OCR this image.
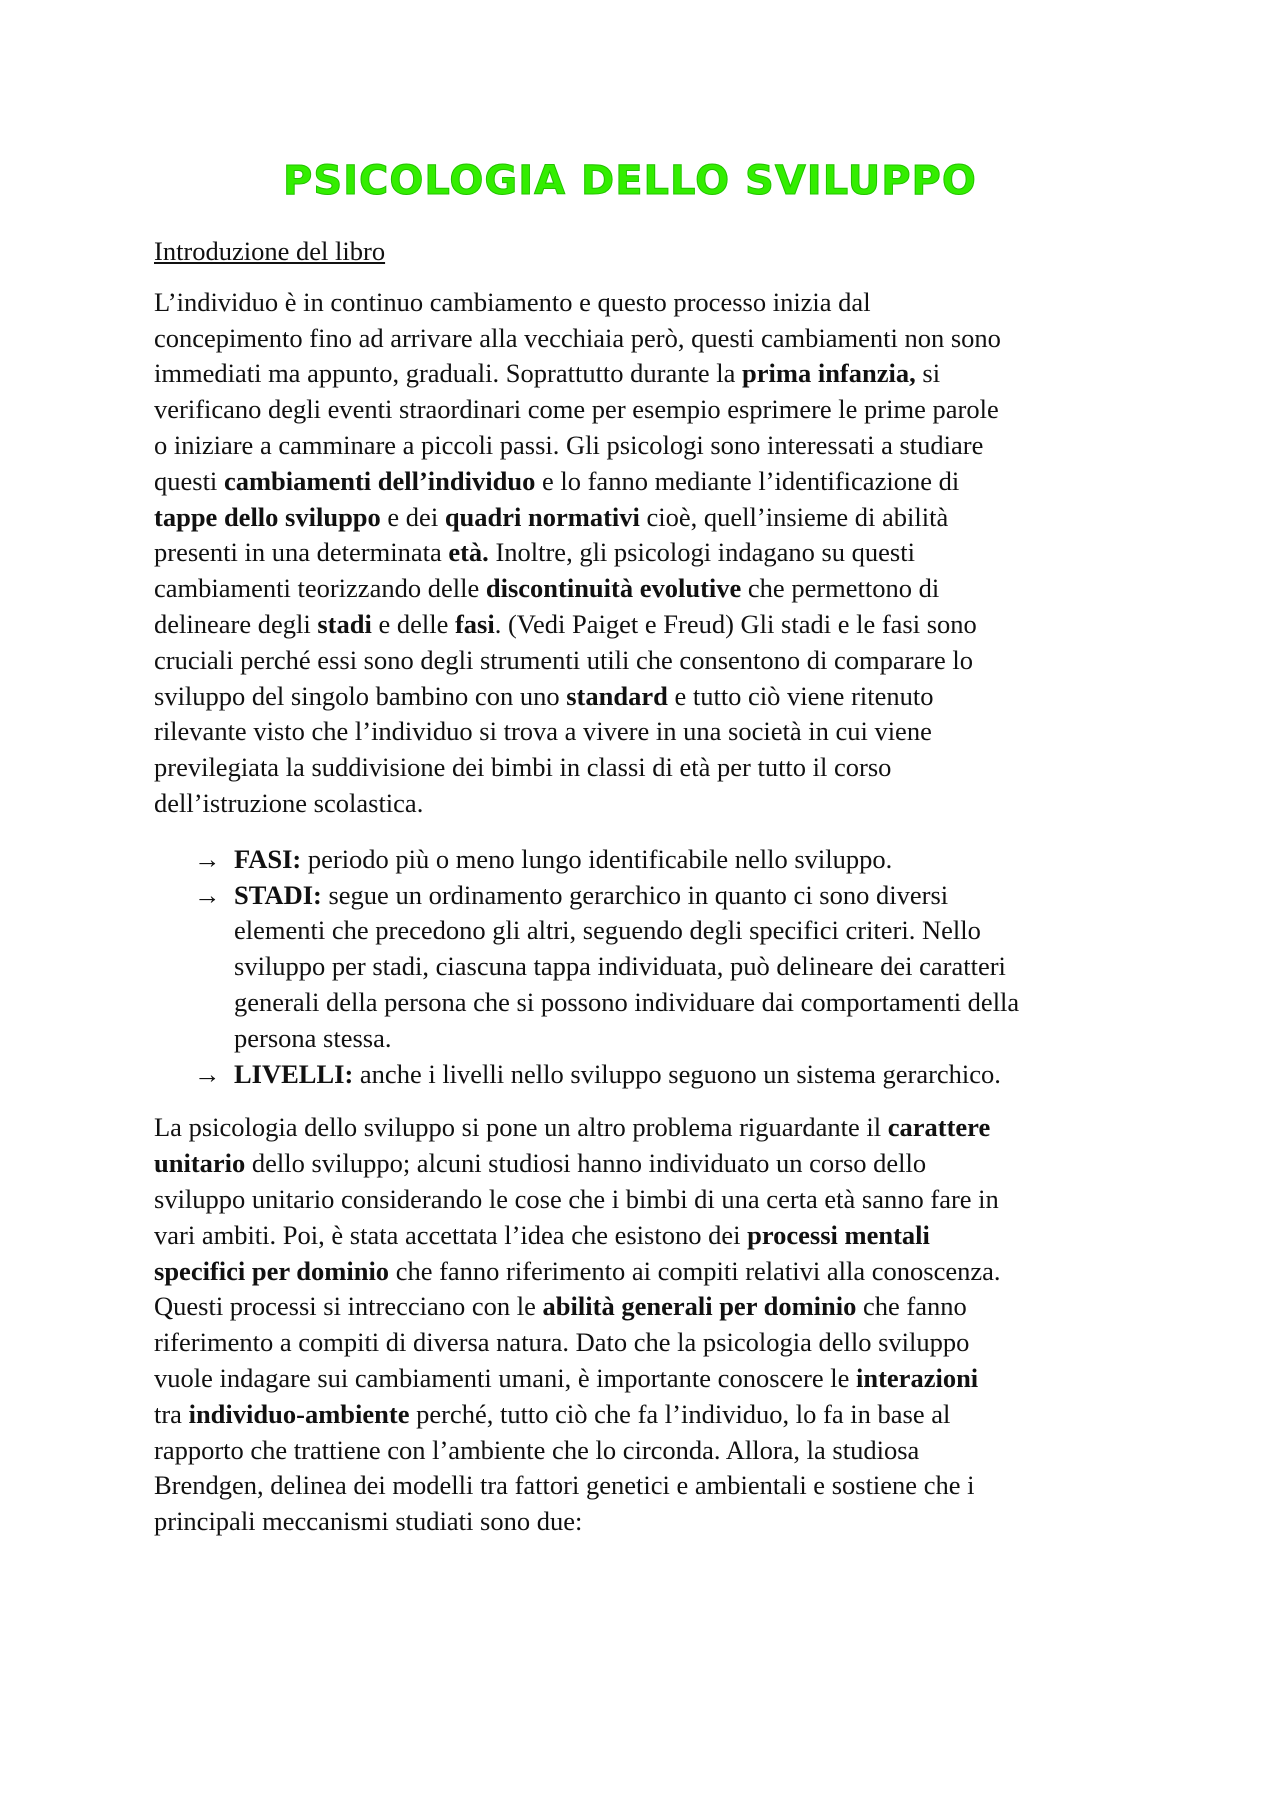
PSICOLOGIA DELLO SVILUPPO

Introduzione del libro

L’individuo è in continuo cambiamento e questo processo inizia dal
concepimento fino ad arrivare alla vecchiaia però, questi cambiamenti non sono
immediati ma appunto, graduali. Soprattutto durante la prima infanzia, si
verificano degli eventi straordinari come per esempio esprimere le prime parole
o iniziare a camminare a piccoli passi. Gli psicologi sono interessati a studiare
questi cambiamenti dell’individuo e lo fanno mediante l’identificazione di
tappe dello sviluppo e dei quadri normativi cioè, quell’insieme di abilità
presenti in una determinata età. Inoltre, gli psicologi indagano su questi
cambiamenti teorizzando delle discontinuità evolutive che permettono di
delineare degli stadi e delle fasi. (Vedi Paiget e Freud) Gli stadi e le fasi sono
cruciali perché essi sono degli strumenti utili che consentono di comparare lo
sviluppo del singolo bambino con uno standard e tutto ciò viene ritenuto
rilevante visto che l’individuo si trova a vivere in una società in cui viene
previlegiata la suddivisione dei bimbi in classi di età per tutto il corso
dell’istruzione scolastica.
→ FASI: periodo più o meno lungo identificabile nello sviluppo.
→ STADI: segue un ordinamento gerarchico in quanto ci sono diversi
elementi che precedono gli altri, seguendo degli specifici criteri. Nello
sviluppo per stadi, ciascuna tappa individuata, può delineare dei caratteri
generali della persona che si possono individuare dai comportamenti della
persona stessa.
→ LIVELLI: anche i livelli nello sviluppo seguono un sistema gerarchico.
La psicologia dello sviluppo si pone un altro problema riguardante il carattere
unitario dello sviluppo; alcuni studiosi hanno individuato un corso dello
sviluppo unitario considerando le cose che i bimbi di una certa età sanno fare in
vari ambiti. Poi, è stata accettata l’idea che esistono dei processi mentali
specifici per dominio che fanno riferimento ai compiti relativi alla conoscenza.
Questi processi si intrecciano con le abilità generali per dominio che fanno
riferimento a compiti di diversa natura. Dato che la psicologia dello sviluppo
vuole indagare sui cambiamenti umani, è importante conoscere le interazioni
tra individuo-ambiente perché, tutto ciò che fa l’individuo, lo fa in base al
rapporto che trattiene con l’ambiente che lo circonda. Allora, la studiosa
Brendgen, delinea dei modelli tra fattori genetici e ambientali e sostiene che i
principali meccanismi studiati sono due:
